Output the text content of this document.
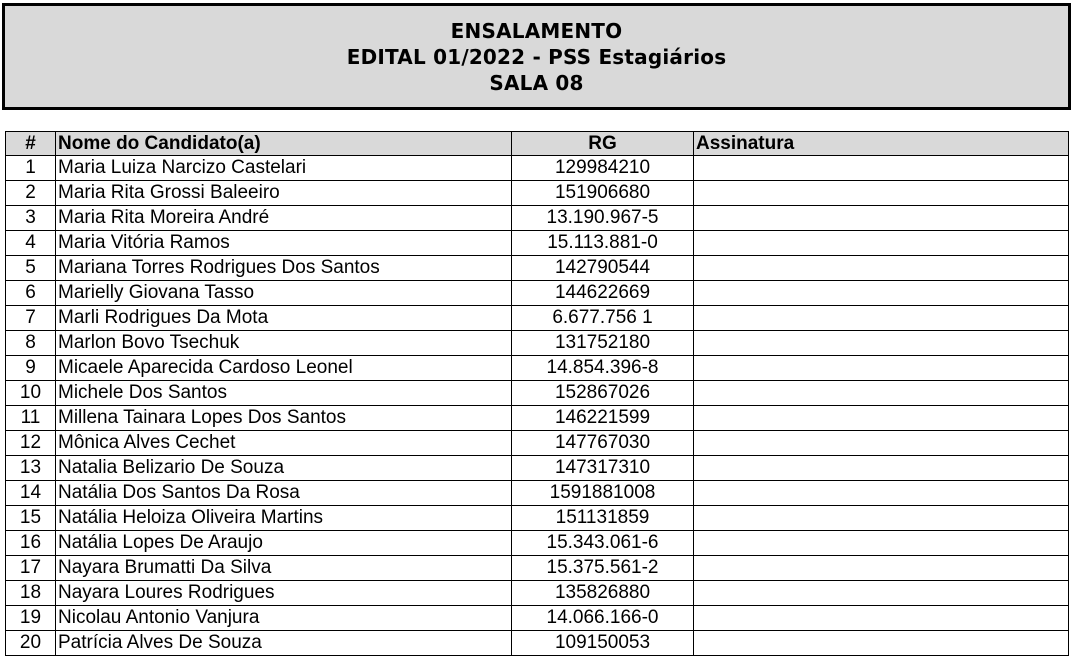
ENSALAMENTO
EDITAL 01/2022 - PSS Estagiários
SALA 08
#	Nome do Candidato(a)	RG	Assinatura
1	Maria Luiza Narcizo Castelari	129984210	
2	Maria Rita Grossi Baleeiro	151906680	
3	Maria Rita Moreira André	13.190.967-5	
4	Maria Vitória Ramos	15.113.881-0	
5	Mariana Torres Rodrigues Dos Santos	142790544	
6	Marielly Giovana Tasso	144622669	
7	Marli Rodrigues Da Mota	6.677.756 1	
8	Marlon Bovo Tsechuk	131752180	
9	Micaele Aparecida Cardoso Leonel	14.854.396-8	
10	Michele Dos Santos	152867026	
11	Millena Tainara Lopes Dos Santos	146221599	
12	Mônica Alves Cechet	147767030	
13	Natalia Belizario De Souza	147317310	
14	Natália Dos Santos Da Rosa	1591881008	
15	Natália Heloiza Oliveira Martins	151131859	
16	Natália Lopes De Araujo	15.343.061-6	
17	Nayara Brumatti Da Silva	15.375.561-2	
18	Nayara Loures Rodrigues	135826880	
19	Nicolau Antonio Vanjura	14.066.166-0	
20	Patrícia Alves De Souza	109150053	
